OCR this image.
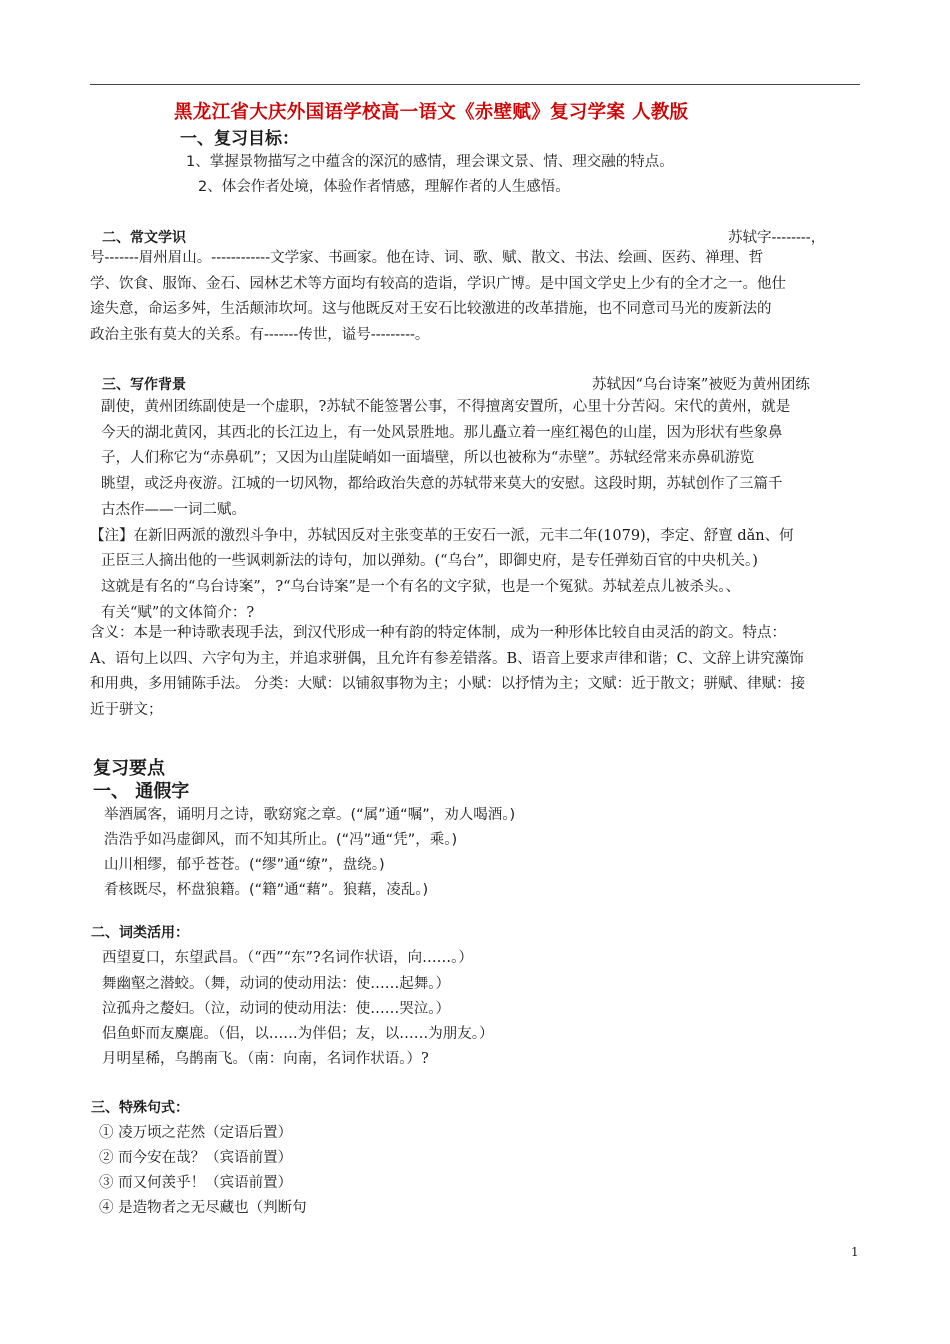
黑龙江省大庆外国语学校高一语文《赤壁赋》复习学案 人教版
一、复习目标：
1、掌握景物描写之中蕴含的深沉的感情，理会课文景、情、理交融的特点。
2、体会作者处境，体验作者情感，理解作者的人生感悟。
二、常文学识	苏轼字--------，
号-------眉州眉山。------------文学家、书画家。他在诗、词、歌、赋、散文、书法、绘画、医药、禅理、哲
学、饮食、服饰、金石、园林艺术等方面均有较高的造诣，学识广博。是中国文学史上少有的全才之一。他仕
途失意，命运多舛，生活颠沛坎坷。这与他既反对王安石比较激进的改革措施，也不同意司马光的废新法的
政治主张有莫大的关系。有-------传世，谥号---------。
三、写作背景	苏轼因“乌台诗案”被贬为黄州团练
副使，黄州团练副使是一个虚职，?苏轼不能签署公事，不得擅离安置所，心里十分苦闷。宋代的黄州，就是
今天的湖北黄冈，其西北的长江边上，有一处风景胜地。那儿矗立着一座红褐色的山崖，因为形状有些象鼻
子，人们称它为“赤鼻矶”；又因为山崖陡峭如一面墙壁，所以也被称为“赤壁”。苏轼经常来赤鼻矶游览
眺望，或泛舟夜游。江城的一切风物，都给政治失意的苏轼带来莫大的安慰。这段时期，苏轼创作了三篇千
古杰作——一词二赋。
【注】在新旧两派的激烈斗争中，苏轼因反对主张变革的王安石一派，元丰二年(1079)，李定、舒亶 dǎn、何
正臣三人摘出他的一些讽刺新法的诗句，加以弹劾。(“乌台”，即御史府，是专任弹劾百官的中央机关。)
这就是有名的“乌台诗案”，?“乌台诗案”是一个有名的文字狱，也是一个冤狱。苏轼差点儿被杀头。、
有关“赋”的文体简介：?
含义：本是一种诗歌表现手法，到汉代形成一种有韵的特定体制，成为一种形体比较自由灵活的韵文。特点：
A、语句上以四、六字句为主，并追求骈偶，且允许有参差错落。B、语音上要求声律和谐；C、文辞上讲究藻饰
和用典，多用铺陈手法。 分类：大赋：以铺叙事物为主；小赋：以抒情为主；文赋：近于散文；骈赋、律赋：接
近于骈文；
复习要点
一、 通假字
举酒属客，诵明月之诗，歌窈窕之章。(“属”通“嘱”，劝人喝酒。)
浩浩乎如冯虚御风，而不知其所止。(“冯”通“凭”，乘。)
山川相缪，郁乎苍苍。(“缪”通“缭”，盘绕。)
肴核既尽，杯盘狼籍。(“籍”通“藉”。狼藉，凌乱。)
二、词类活用：
西望夏口，东望武昌。（“西”“东”?名词作状语，向……。）
舞幽壑之潜蛟。（舞，动词的使动用法：使……起舞。）
泣孤舟之嫠妇。（泣，动词的使动用法：使……哭泣。）
侣鱼虾而友麋鹿。（侣，以……为伴侣；友，以……为朋友。）
月明星稀，乌鹊南飞。（南：向南，名词作状语。）?
三、特殊句式：
① 凌万顷之茫然（定语后置）
② 而今安在哉？（宾语前置）
③ 而又何羡乎！（宾语前置）
④ 是造物者之无尽藏也（判断句
1
